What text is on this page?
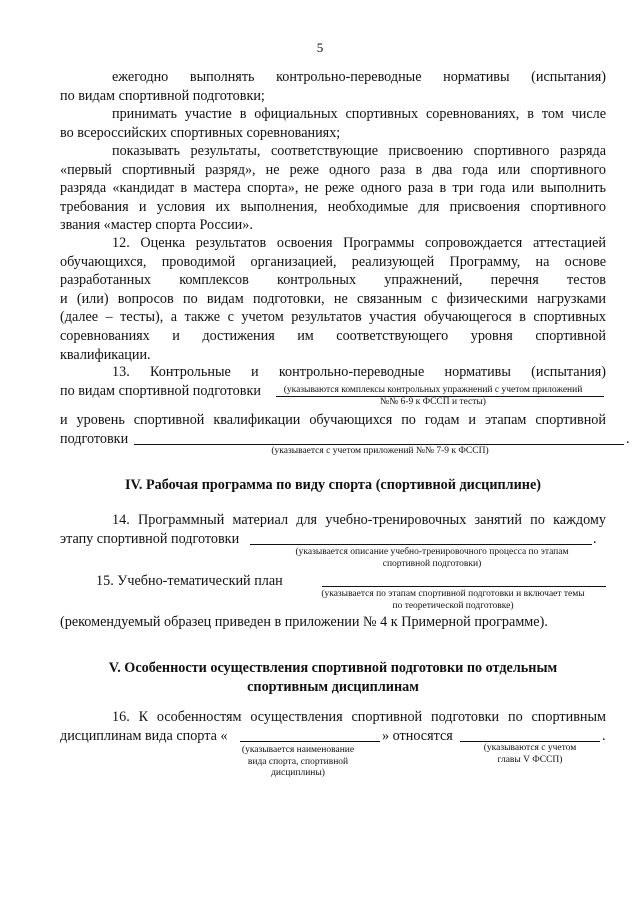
5
ежегодно выполнять контрольно-переводные нормативы (испытания)
по видам спортивной подготовки;
принимать участие в официальных спортивных соревнованиях, в том числе
во всероссийских спортивных соревнованиях;
показывать результаты, соответствующие присвоению спортивного разряда
«первый спортивный разряд», не реже одного раза в два года или спортивного
разряда «кандидат в мастера спорта», не реже одного раза в три года или выполнить
требования и условия их выполнения, необходимые для присвоения спортивного
звания «мастер спорта России».
12. Оценка результатов освоения Программы сопровождается аттестацией
обучающихся, проводимой организацией, реализующей Программу, на основе
разработанных комплексов контрольных упражнений, перечня тестов
и (или) вопросов по видам подготовки, не связанным с физическими нагрузками
(далее – тесты), а также с учетом результатов участия обучающегося в спортивных
соревнованиях и достижения им соответствующего уровня спортивной
квалификации.
13. Контрольные и контрольно-переводные нормативы (испытания)
по видам спортивной подготовки	(указываются комплексы контрольных упражнений с учетом приложений
№№ 6-9 к ФССП и тесты)
и уровень спортивной квалификации обучающихся по годам и этапам спортивной
подготовки	.
(указывается с учетом приложений №№ 7-9 к ФССП)
IV. Рабочая программа по виду спорта (спортивной дисциплине)
14. Программный материал для учебно-тренировочных занятий по каждому
этапу спортивной подготовки	.
(указывается описание учебно-тренировочного процесса по этапам
спортивной подготовки)
15. Учебно-тематический план
(указывается по этапам спортивной подготовки и включает темы
по теоретической подготовке)
(рекомендуемый образец приведен в приложении № 4 к Примерной программе).
V. Особенности осуществления спортивной подготовки по отдельным
спортивным дисциплинам
16. К особенностям осуществления спортивной подготовки по спортивным
дисциплинам вида спорта «	» относятся	.
(указывается наименование
вида спорта, спортивной
дисциплины)
(указываются с учетом
главы V ФССП)
